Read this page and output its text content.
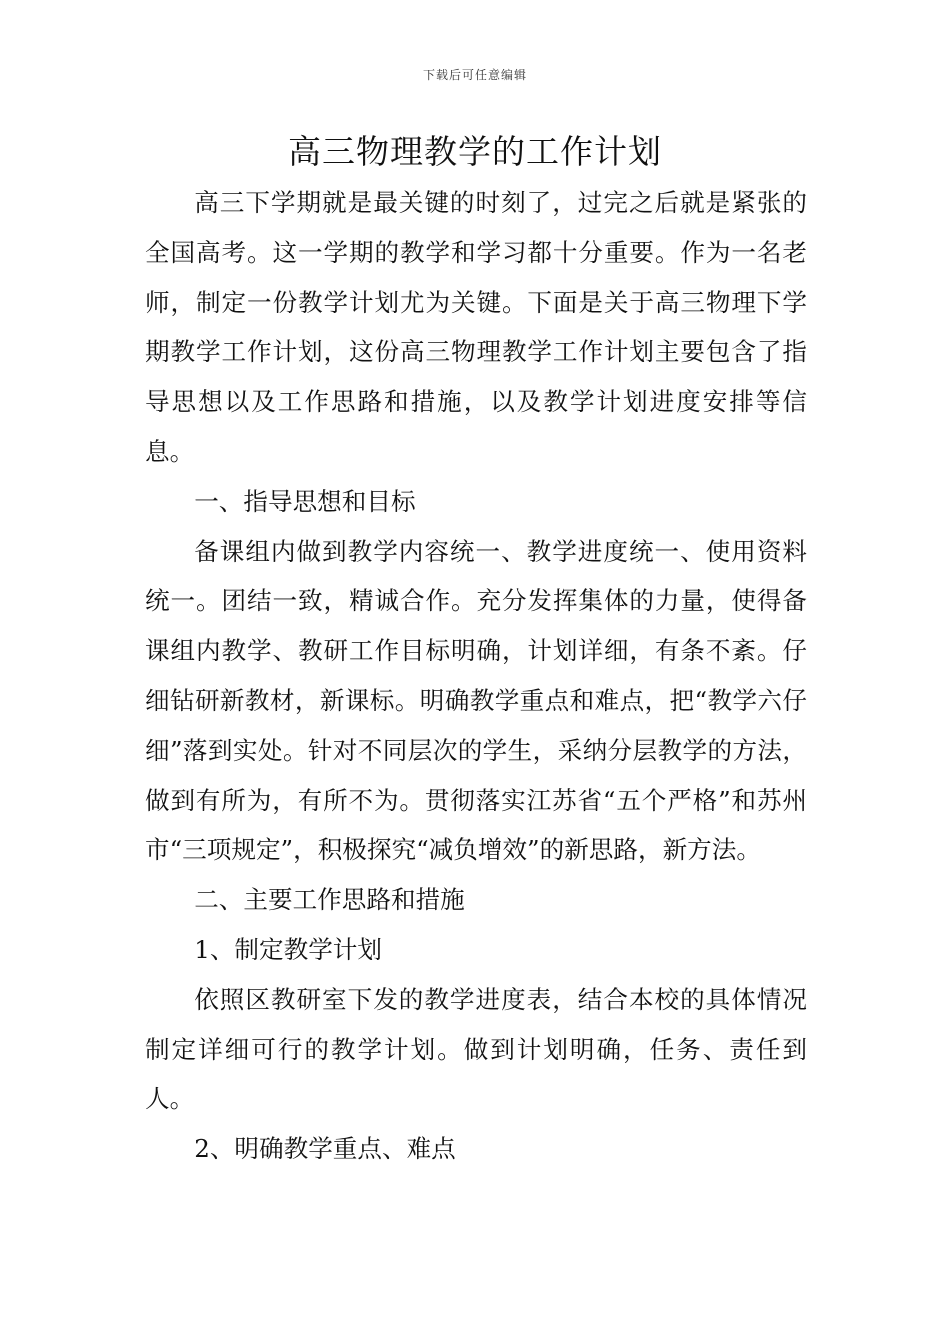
下载后可任意编辑
高三物理教学的工作计划

高三下学期就是最关键的时刻了，过完之后就是紧张的全国高考。这一学期的教学和学习都十分重要。作为一名老师，制定一份教学计划尤为关键。下面是关于高三物理下学期教学工作计划，这份高三物理教学工作计划主要包含了指导思想以及工作思路和措施，以及教学计划进度安排等信息。

一、指导思想和目标

备课组内做到教学内容统一、教学进度统一、使用资料统一。团结一致，精诚合作。充分发挥集体的力量，使得备课组内教学、教研工作目标明确，计划详细，有条不紊。仔细钻研新教材，新课标。明确教学重点和难点，把“教学六仔细”落到实处。针对不同层次的学生，采纳分层教学的方法，做到有所为，有所不为。贯彻落实江苏省“五个严格”和苏州市“三项规定”，积极探究“减负增效”的新思路，新方法。

二、主要工作思路和措施

1、制定教学计划

依照区教研室下发的教学进度表，结合本校的具体情况制定详细可行的教学计划。做到计划明确，任务、责任到人。

2、明确教学重点、难点
